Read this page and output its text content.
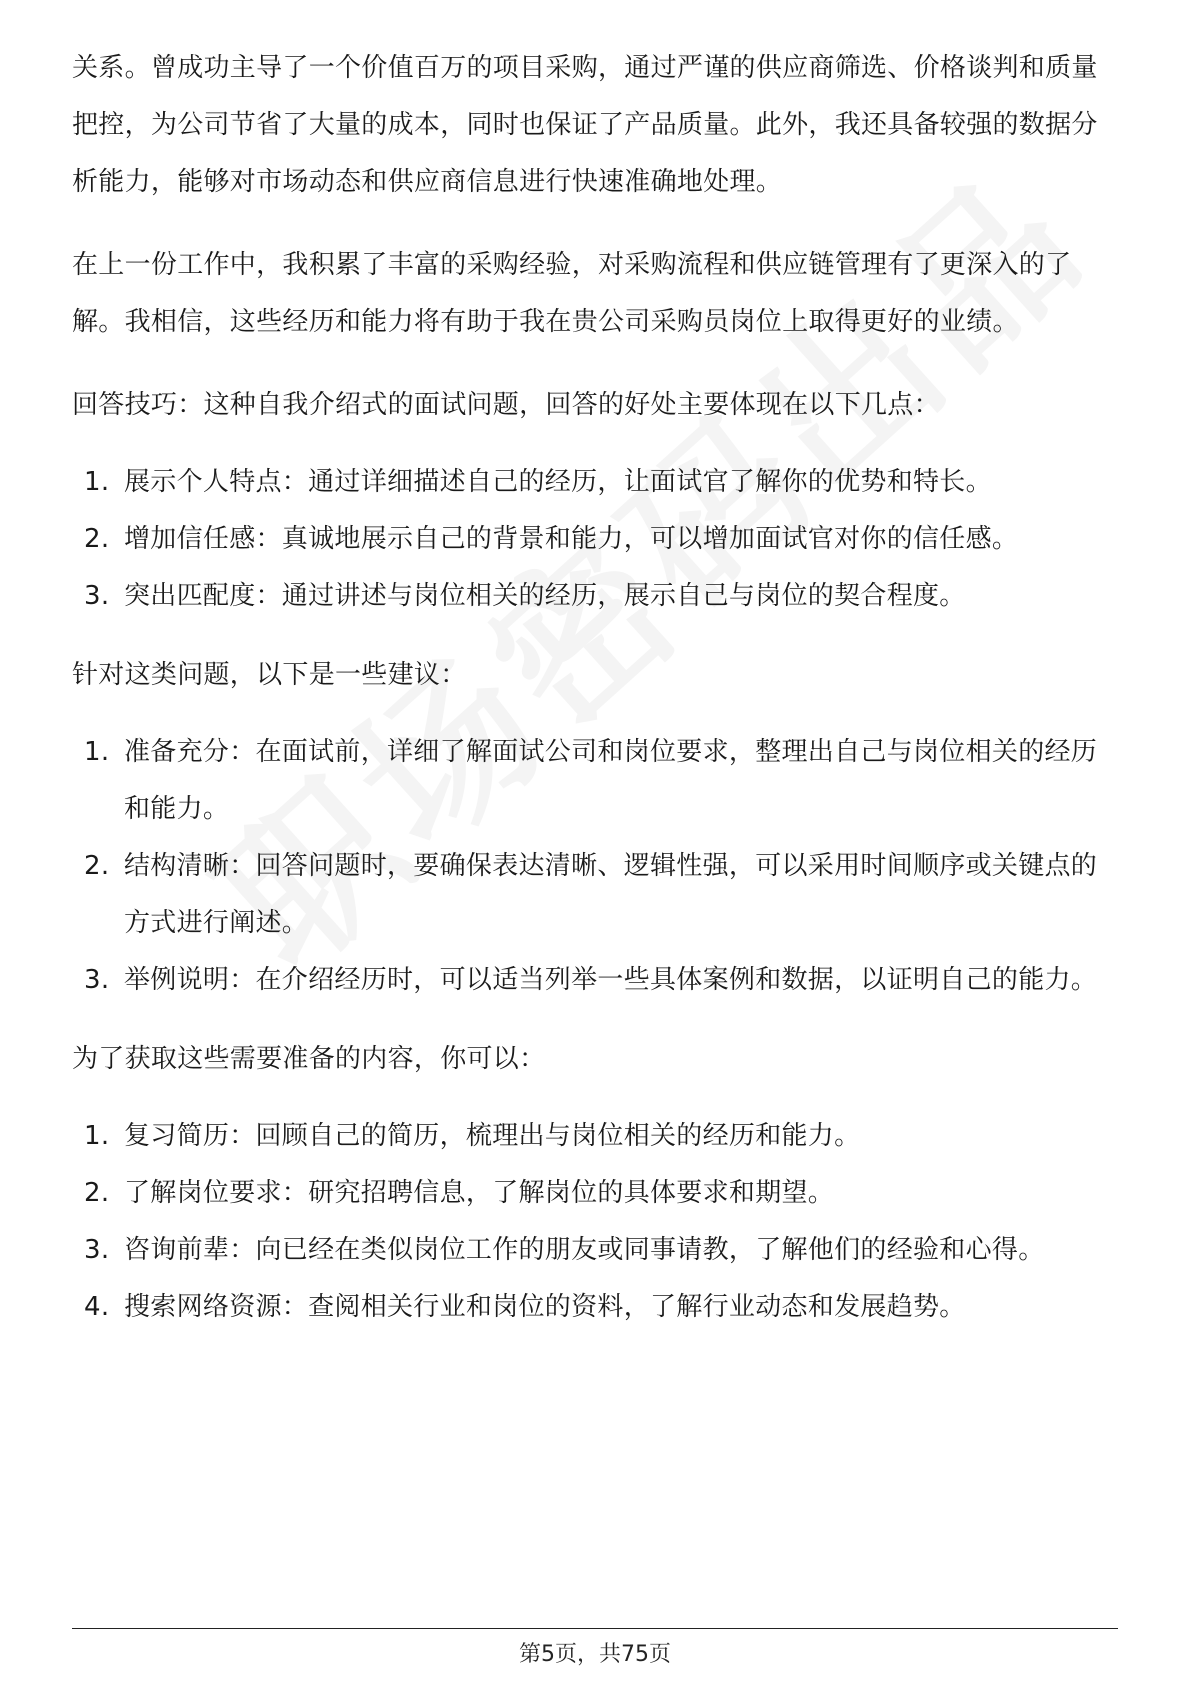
关系。曾成功主导了一个价值百万的项目采购，通过严谨的供应商筛选、价格谈判和质量把控，为公司节省了大量的成本，同时也保证了产品质量。此外，我还具备较强的数据分析能力，能够对市场动态和供应商信息进行快速准确地处理。

在上一份工作中，我积累了丰富的采购经验，对采购流程和供应链管理有了更深入的了解。我相信，这些经历和能力将有助于我在贵公司采购员岗位上取得更好的业绩。

回答技巧：这种自我介绍式的面试问题，回答的好处主要体现在以下几点：

1. 展示个人特点：通过详细描述自己的经历，让面试官了解你的优势和特长。
2. 增加信任感：真诚地展示自己的背景和能力，可以增加面试官对你的信任感。
3. 突出匹配度：通过讲述与岗位相关的经历，展示自己与岗位的契合程度。

针对这类问题，以下是一些建议：

1. 准备充分：在面试前，详细了解面试公司和岗位要求，整理出自己与岗位相关的经历和能力。
2. 结构清晰：回答问题时，要确保表达清晰、逻辑性强，可以采用时间顺序或关键点的方式进行阐述。
3. 举例说明：在介绍经历时，可以适当列举一些具体案例和数据，以证明自己的能力。

为了获取这些需要准备的内容，你可以：

1. 复习简历：回顾自己的简历，梳理出与岗位相关的经历和能力。
2. 了解岗位要求：研究招聘信息，了解岗位的具体要求和期望。
3. 咨询前辈：向已经在类似岗位工作的朋友或同事请教，了解他们的经验和心得。
4. 搜索网络资源：查阅相关行业和岗位的资料，了解行业动态和发展趋势。
第5页，共75页
